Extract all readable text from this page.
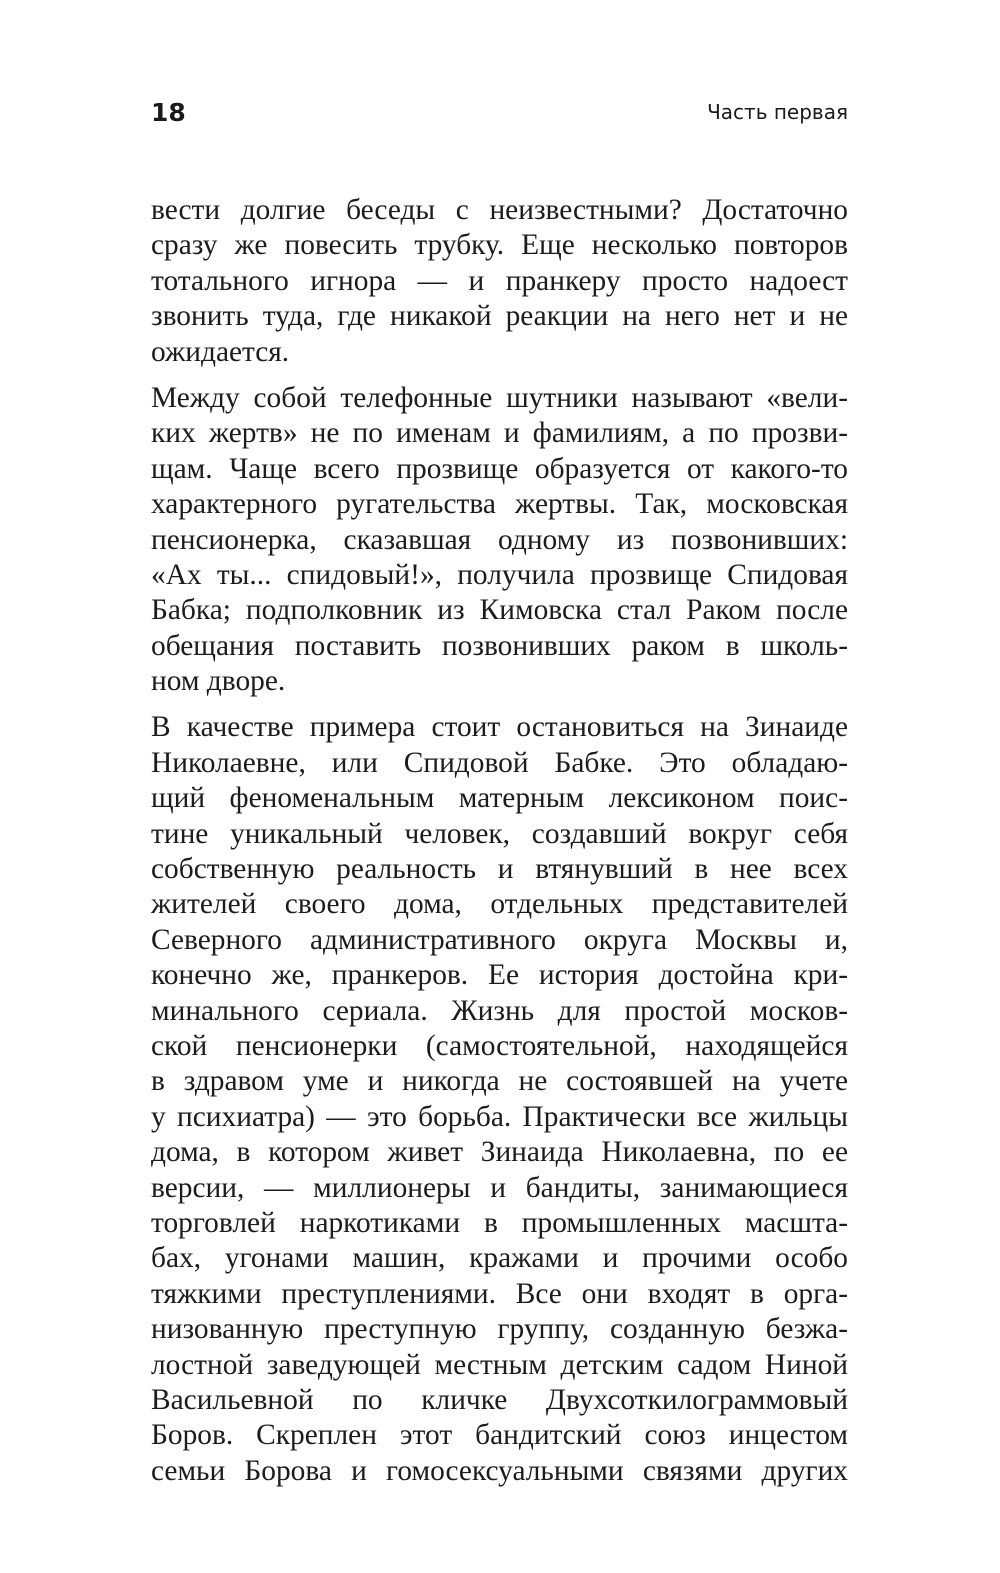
18	Часть первая
вести долгие беседы с неизвестными? Достаточно
сразу же повесить трубку. Еще несколько повторов
тотального игнора — и пранкеру просто надоест
звонить туда, где никакой реакции на него нет и не
ожидается.
Между собой телефонные шутники называют «вели-
ких жертв» не по именам и фамилиям, а по прозви-
щам. Чаще всего прозвище образуется от какого-то
характерного ругательства жертвы. Так, московская
пенсионерка, сказавшая одному из позвонивших:
«Ах ты... спидовый!», получила прозвище Спидовая
Бабка; подполковник из Кимовска стал Раком после
обещания поставить позвонивших раком в школь-
ном дворе.
В качестве примера стоит остановиться на Зинаиде
Николаевне, или Спидовой Бабке. Это обладаю-
щий феноменальным матерным лексиконом поис-
тине уникальный человек, создавший вокруг себя
собственную реальность и втянувший в нее всех
жителей своего дома, отдельных представителей
Северного административного округа Москвы и,
конечно же, пранкеров. Ее история достойна кри-
минального сериала. Жизнь для простой москов-
ской пенсионерки (самостоятельной, находящейся
в здравом уме и никогда не состоявшей на учете
у психиатра) — это борьба. Практически все жильцы
дома, в котором живет Зинаида Николаевна, по ее
версии, — миллионеры и бандиты, занимающиеся
торговлей наркотиками в промышленных масшта-
бах, угонами машин, кражами и прочими особо
тяжкими преступлениями. Все они входят в орга-
низованную преступную группу, созданную безжа-
лостной заведующей местным детским садом Ниной
Васильевной по кличке Двухсоткилограммовый
Боров. Скреплен этот бандитский союз инцестом
семьи Борова и гомосексуальными связями других
